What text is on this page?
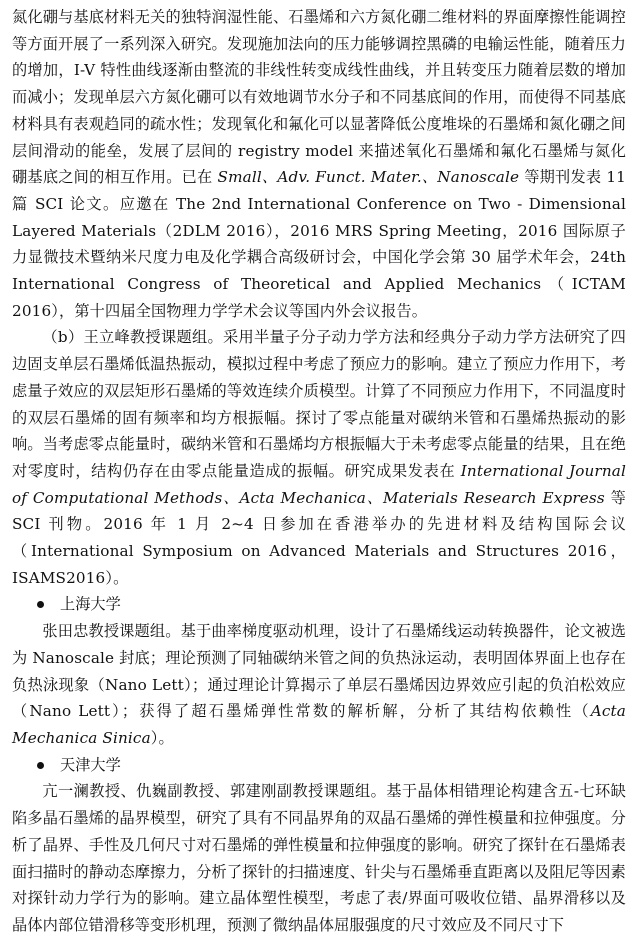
氮化硼与基底材料无关的独特润湿性能、石墨烯和六方氮化硼二维材料的界面摩擦性能调控等方面开展了一系列深入研究。发现施加法向的压力能够调控黑磷的电输运性能，随着压力的增加，I-V 特性曲线逐渐由整流的非线性转变成线性曲线，并且转变压力随着层数的增加而减小；发现单层六方氮化硼可以有效地调节水分子和不同基底间的作用，而使得不同基底材料具有表观趋同的疏水性；发现氧化和氟化可以显著降低公度堆垛的石墨烯和氮化硼之间层间滑动的能垒，发展了层间的 registry model 来描述氧化石墨烯和氟化石墨烯与氮化硼基底之间的相互作用。已在 Small、Adv. Funct. Mater.、Nanoscale 等期刊发表 11 篇 SCI 论文。应邀在 The 2nd International Conference on Two - Dimensional Layered Materials（2DLM 2016），2016 MRS Spring Meeting，2016 国际原子力显微技术暨纳米尺度力电及化学耦合高级研讨会，中国化学会第 30 届学术年会，24th International Congress of Theoretical and Applied Mechanics（ICTAM 2016），第十四届全国物理力学学术会议等国内外会议报告。

（b）王立峰教授课题组。采用半量子分子动力学方法和经典分子动力学方法研究了四边固支单层石墨烯低温热振动，模拟过程中考虑了预应力的影响。建立了预应力作用下，考虑量子效应的双层矩形石墨烯的等效连续介质模型。计算了不同预应力作用下，不同温度时的双层石墨烯的固有频率和均方根振幅。探讨了零点能量对碳纳米管和石墨烯热振动的影响。当考虑零点能量时，碳纳米管和石墨烯均方根振幅大于未考虑零点能量的结果，且在绝对零度时，结构仍存在由零点能量造成的振幅。研究成果发表在 International Journal of Computational Methods、Acta Mechanica、Materials Research Express 等 SCI 刊物。2016 年 1 月 2~4 日参加在香港举办的先进材料及结构国际会议（International Symposium on Advanced Materials and Structures 2016，ISAMS2016）。

上海大学

张田忠教授课题组。基于曲率梯度驱动机理，设计了石墨烯线运动转换器件，论文被选为 Nanoscale 封底；理论预测了同轴碳纳米管之间的负热泳运动，表明固体界面上也存在负热泳现象（Nano Lett）；通过理论计算揭示了单层石墨烯因边界效应引起的负泊松效应（Nano Lett）；获得了超石墨烯弹性常数的解析解，分析了其结构依赖性（Acta Mechanica Sinica）。

天津大学

亢一澜教授、仇巍副教授、郭建刚副教授课题组。基于晶体相错理论构建含五-七环缺陷多晶石墨烯的晶界模型，研究了具有不同晶界角的双晶石墨烯的弹性模量和拉伸强度。分析了晶界、手性及几何尺寸对石墨烯的弹性模量和拉伸强度的影响。研究了探针在石墨烯表面扫描时的静动态摩擦力，分析了探针的扫描速度、针尖与石墨烯垂直距离以及阻尼等因素对探针动力学行为的影响。建立晶体塑性模型，考虑了表/界面可吸收位错、晶界滑移以及晶体内部位错滑移等变形机理，预测了微纳晶体屈服强度的尺寸效应及不同尺寸下
